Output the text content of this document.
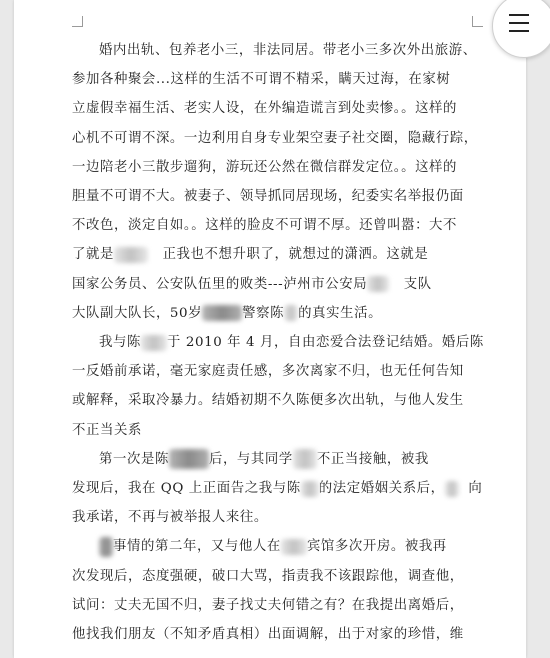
婚内出轨、包养老小三，非法同居。带老小三多次外出旅游、
参加各种聚会...这样的生活不可谓不精采，瞒天过海，在家树
立虚假幸福生活、老实人设，在外编造谎言到处卖惨。。这样的
心机不可谓不深。一边利用自身专业架空妻子社交圈，隐藏行踪，
一边陪老小三散步遛狗，游玩还公然在微信群发定位。。这样的
胆量不可谓不大。被妻子、领导抓同居现场，纪委实名举报仍面
不改色，淡定自如。。这样的脸皮不可谓不厚。还曾叫嚣：大不
了就是	正我也不想升职了，就想过的潇洒。这就是
国家公务员、公安队伍里的败类---泸州市公安局	支队
大队副大队长，50岁	警察陈 的真实生活。

我与陈 于 2010 年 4 月，自由恋爱合法登记结婚。婚后陈
一反婚前承诺，毫无家庭责任感，多次离家不归，也无任何告知
或解释，采取冷暴力。结婚初期不久陈便多次出轨，与他人发生
不正当关系

第一次是陈	后，与其同学 不正当接触，被我
发现后，我在 QQ 上正面告之我与陈 的法定婚姻关系后， 向
我承诺，不再与被举报人来往。

事情的第二年，又与他人在 宾馆多次开房。被我再
次发现后，态度强硬，破口大骂，指责我不该跟踪他，调查他，
试问：丈夫无国不归，妻子找丈夫何错之有？在我提出离婚后，
他找我们朋友（不知矛盾真相）出面调解，出于对家的珍惜，维
